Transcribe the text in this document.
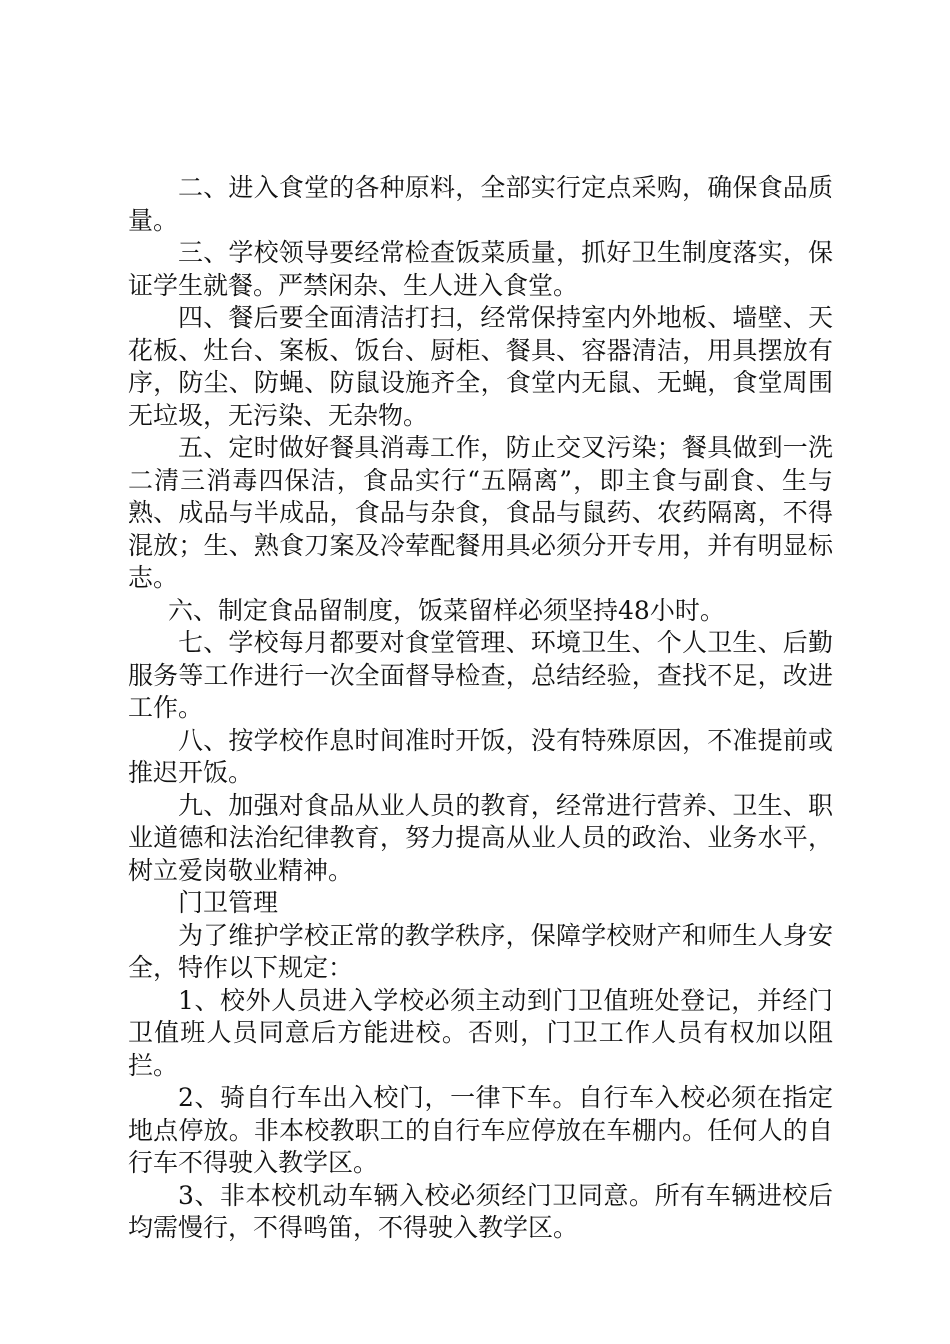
二、进入食堂的各种原料，全部实行定点采购，确保食品质量。

三、学校领导要经常检查饭菜质量，抓好卫生制度落实，保证学生就餐。严禁闲杂、生人进入食堂。

四、餐后要全面清洁打扫，经常保持室内外地板、墙壁、天花板、灶台、案板、饭台、厨柜、餐具、容器清洁，用具摆放有序，防尘、防蝇、防鼠设施齐全，食堂内无鼠、无蝇，食堂周围无垃圾，无污染、无杂物。

五、定时做好餐具消毒工作，防止交叉污染；餐具做到一洗二清三消毒四保洁，食品实行“五隔离”，即主食与副食、生与熟、成品与半成品，食品与杂食，食品与鼠药、农药隔离，不得混放；生、熟食刀案及冷荤配餐用具必须分开专用，并有明显标志。

六、制定食品留制度，饭菜留样必须坚持48小时。

七、学校每月都要对食堂管理、环境卫生、个人卫生、后勤服务等工作进行一次全面督导检查，总结经验，查找不足，改进工作。

八、按学校作息时间准时开饭，没有特殊原因，不准提前或推迟开饭。

九、加强对食品从业人员的教育，经常进行营养、卫生、职业道德和法治纪律教育，努力提高从业人员的政治、业务水平，树立爱岗敬业精神。

门卫管理

为了维护学校正常的教学秩序，保障学校财产和师生人身安全，特作以下规定：

1、校外人员进入学校必须主动到门卫值班处登记，并经门卫值班人员同意后方能进校。否则，门卫工作人员有权加以阻拦。

2、骑自行车出入校门，一律下车。自行车入校必须在指定地点停放。非本校教职工的自行车应停放在车棚内。任何人的自行车不得驶入教学区。

3、非本校机动车辆入校必须经门卫同意。所有车辆进校后均需慢行，不得鸣笛，不得驶入教学区。
